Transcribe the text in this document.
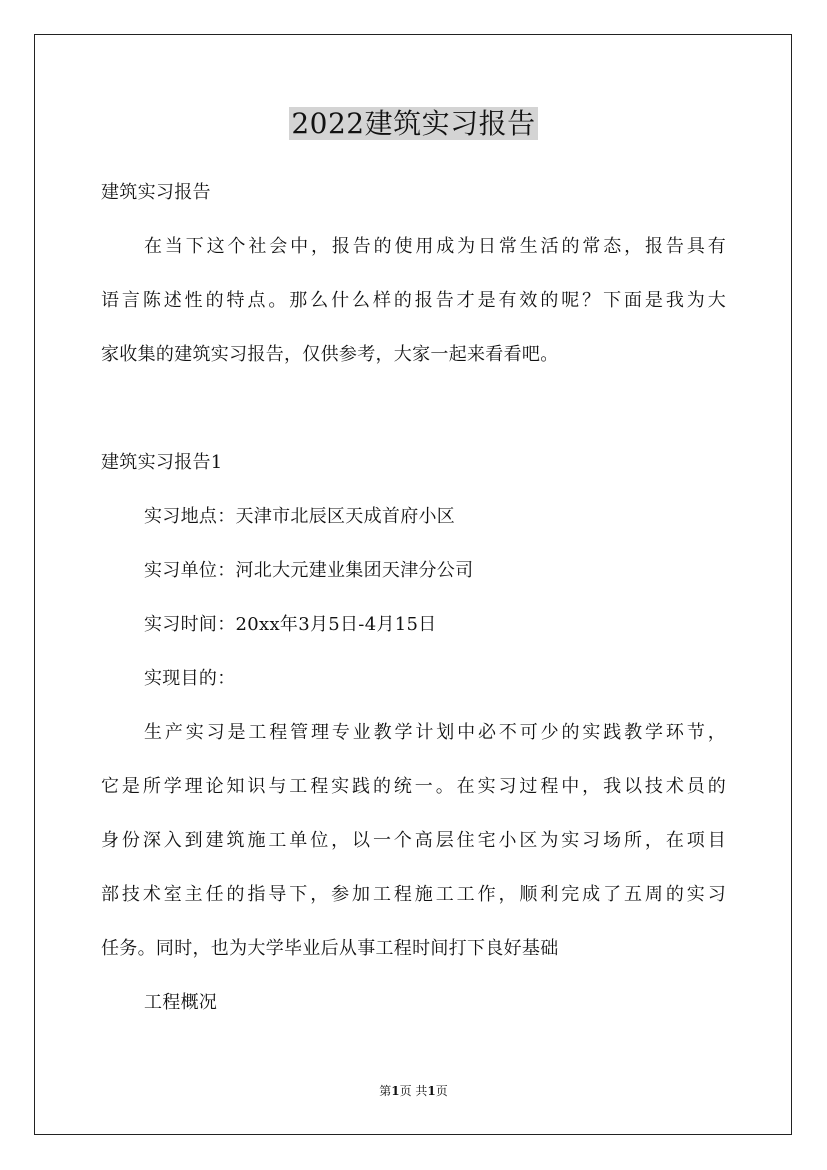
2022建筑实习报告

建筑实习报告

在当下这个社会中，报告的使用成为日常生活的常态，报告具有

语言陈述性的特点。那么什么样的报告才是有效的呢？下面是我为大

家收集的建筑实习报告，仅供参考，大家一起来看看吧。

建筑实习报告1

实习地点：天津市北辰区天成首府小区

实习单位：河北大元建业集团天津分公司

实习时间：20xx年3月5日-4月15日

实现目的：

生产实习是工程管理专业教学计划中必不可少的实践教学环节，

它是所学理论知识与工程实践的统一。在实习过程中，我以技术员的

身份深入到建筑施工单位，以一个高层住宅小区为实习场所，在项目

部技术室主任的指导下，参加工程施工工作，顺利完成了五周的实习

任务。同时，也为大学毕业后从事工程时间打下良好基础

工程概况

第1页 共1页
